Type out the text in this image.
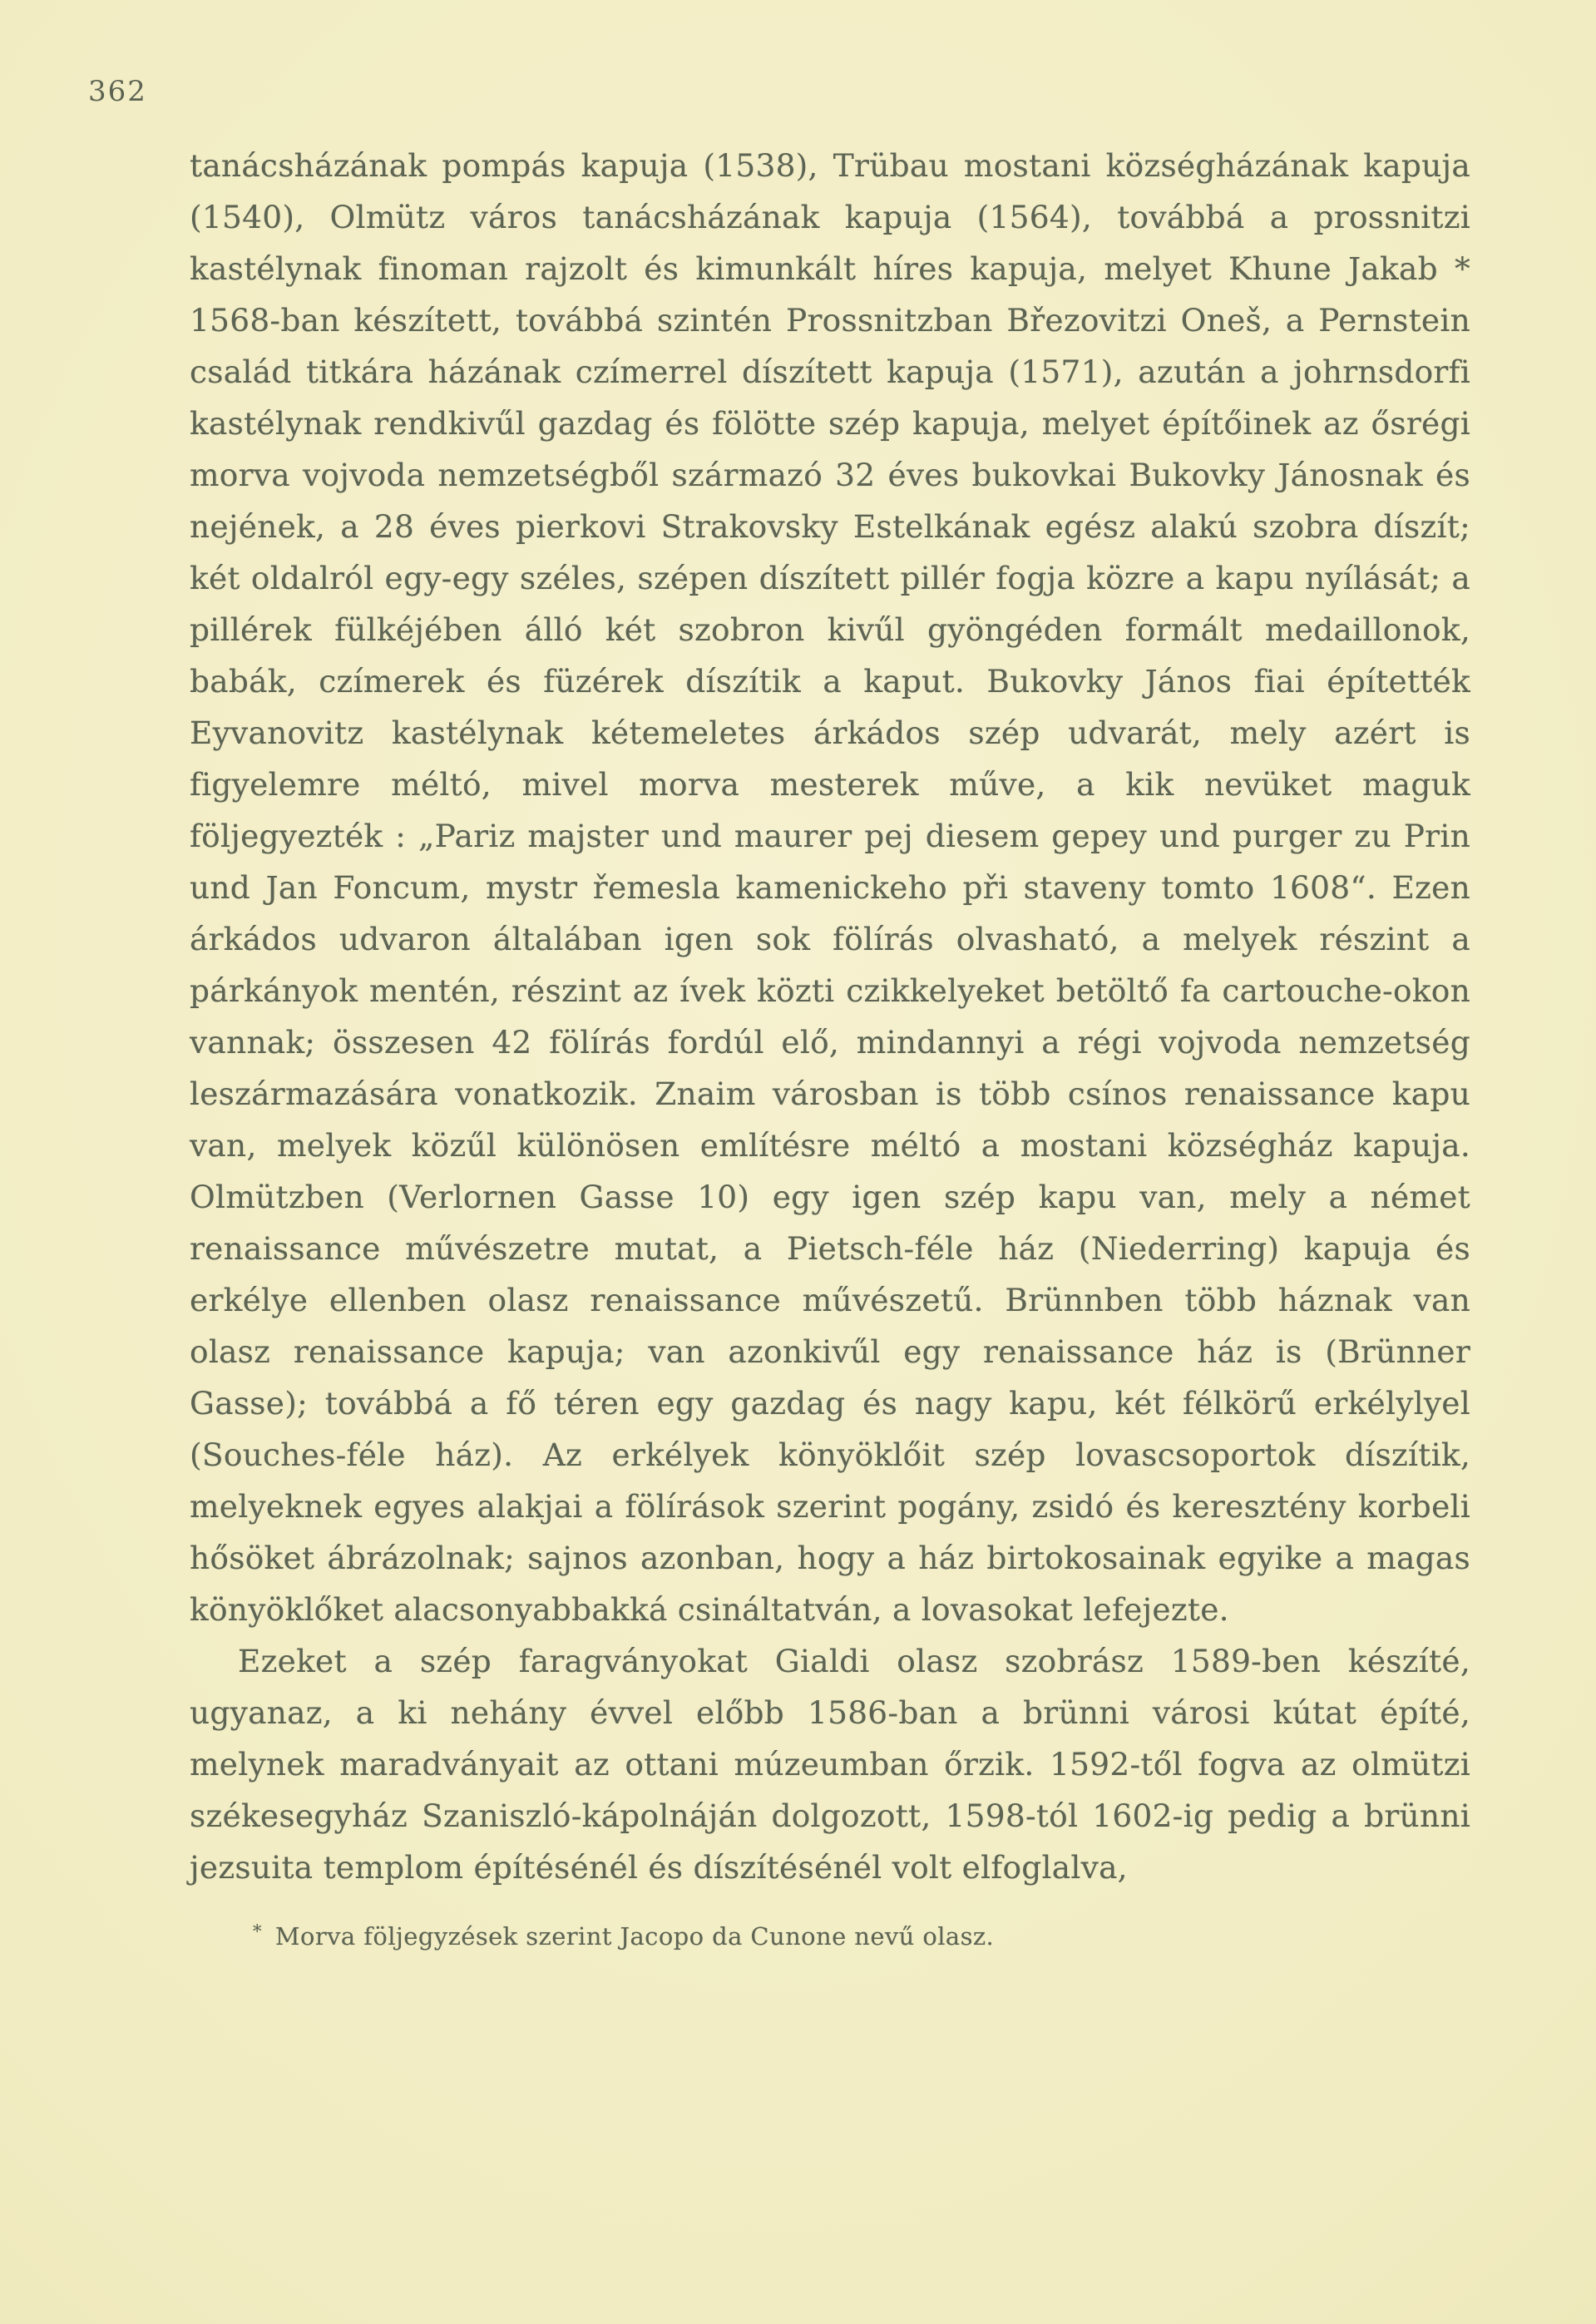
362

tanácsházának pompás kapuja (1538), Trübau mostani községházának kapuja (1540), Olmütz város tanácsházának kapuja (1564), továbbá a prossnitzi kastélynak finoman rajzolt és kimunkált híres kapuja, melyet Khune Jakab * 1568-ban készített, továbbá szintén Prossnitzban Březovitzi Oneš, a Pernstein család titkára házának czímerrel díszített kapuja (1571), azután a johrnsdorfi kastélynak rendkivűl gazdag és fölötte szép kapuja, melyet építőinek az ősrégi morva vojvoda nemzetségből származó 32 éves bukovkai Bukovky Jánosnak és nejének, a 28 éves pierkovi Strakovsky Estelkának egész alakú szobra díszít; két oldalról egy-egy széles, szépen díszített pillér fogja közre a kapu nyílását; a pillérek fülkéjében álló két szobron kivűl gyöngéden formált medaillonok, babák, czímerek és füzérek díszítik a kaput. Bukovky János fiai építették Eyvanovitz kastélynak kétemeletes árkádos szép udvarát, mely azért is figyelemre méltó, mivel morva mesterek műve, a kik nevüket maguk följegyezték : „Pariz majster und maurer pej diesem gepey und purger zu Prin und Jan Foncum, mystr řemesla kamenickeho při staveny tomto 1608“. Ezen árkádos udvaron általában igen sok fölírás olvasható, a melyek részint a párkányok mentén, részint az ívek közti czikkelyeket betöltő fa cartouche-okon vannak; összesen 42 fölírás fordúl elő, mindannyi a régi vojvoda nemzetség leszármazására vonatkozik. Znaim városban is több csínos renaissance kapu van, melyek közűl különösen említésre méltó a mostani községház kapuja. Olmützben (Verlornen Gasse 10) egy igen szép kapu van, mely a német renaissance művészetre mutat, a Pietsch-féle ház (Niederring) kapuja és erkélye ellenben olasz renaissance művészetű. Brünnben több háznak van olasz renaissance kapuja; van azonkivűl egy renaissance ház is (Brünner Gasse); továbbá a fő téren egy gazdag és nagy kapu, két félkörű erkélylyel (Souches-féle ház). Az erkélyek könyöklőit szép lovascsoportok díszítik, melyeknek egyes alakjai a fölírások szerint pogány, zsidó és keresztény korbeli hősöket ábrázolnak; sajnos azonban, hogy a ház birtokosainak egyike a magas könyöklőket alacsonyabbakká csináltatván, a lovasokat lefejezte.

Ezeket a szép faragványokat Gialdi olasz szobrász 1589-ben készíté, ugyanaz, a ki nehány évvel előbb 1586-ban a brünni városi kútat építé, melynek maradványait az ottani múzeumban őrzik. 1592-től fogva az olmützi székesegyház Szaniszló-kápolnáján dolgozott, 1598-tól 1602-ig pedig a brünni jezsuita templom építésénél és díszítésénél volt elfoglalva,

* Morva följegyzések szerint Jacopo da Cunone nevű olasz.
